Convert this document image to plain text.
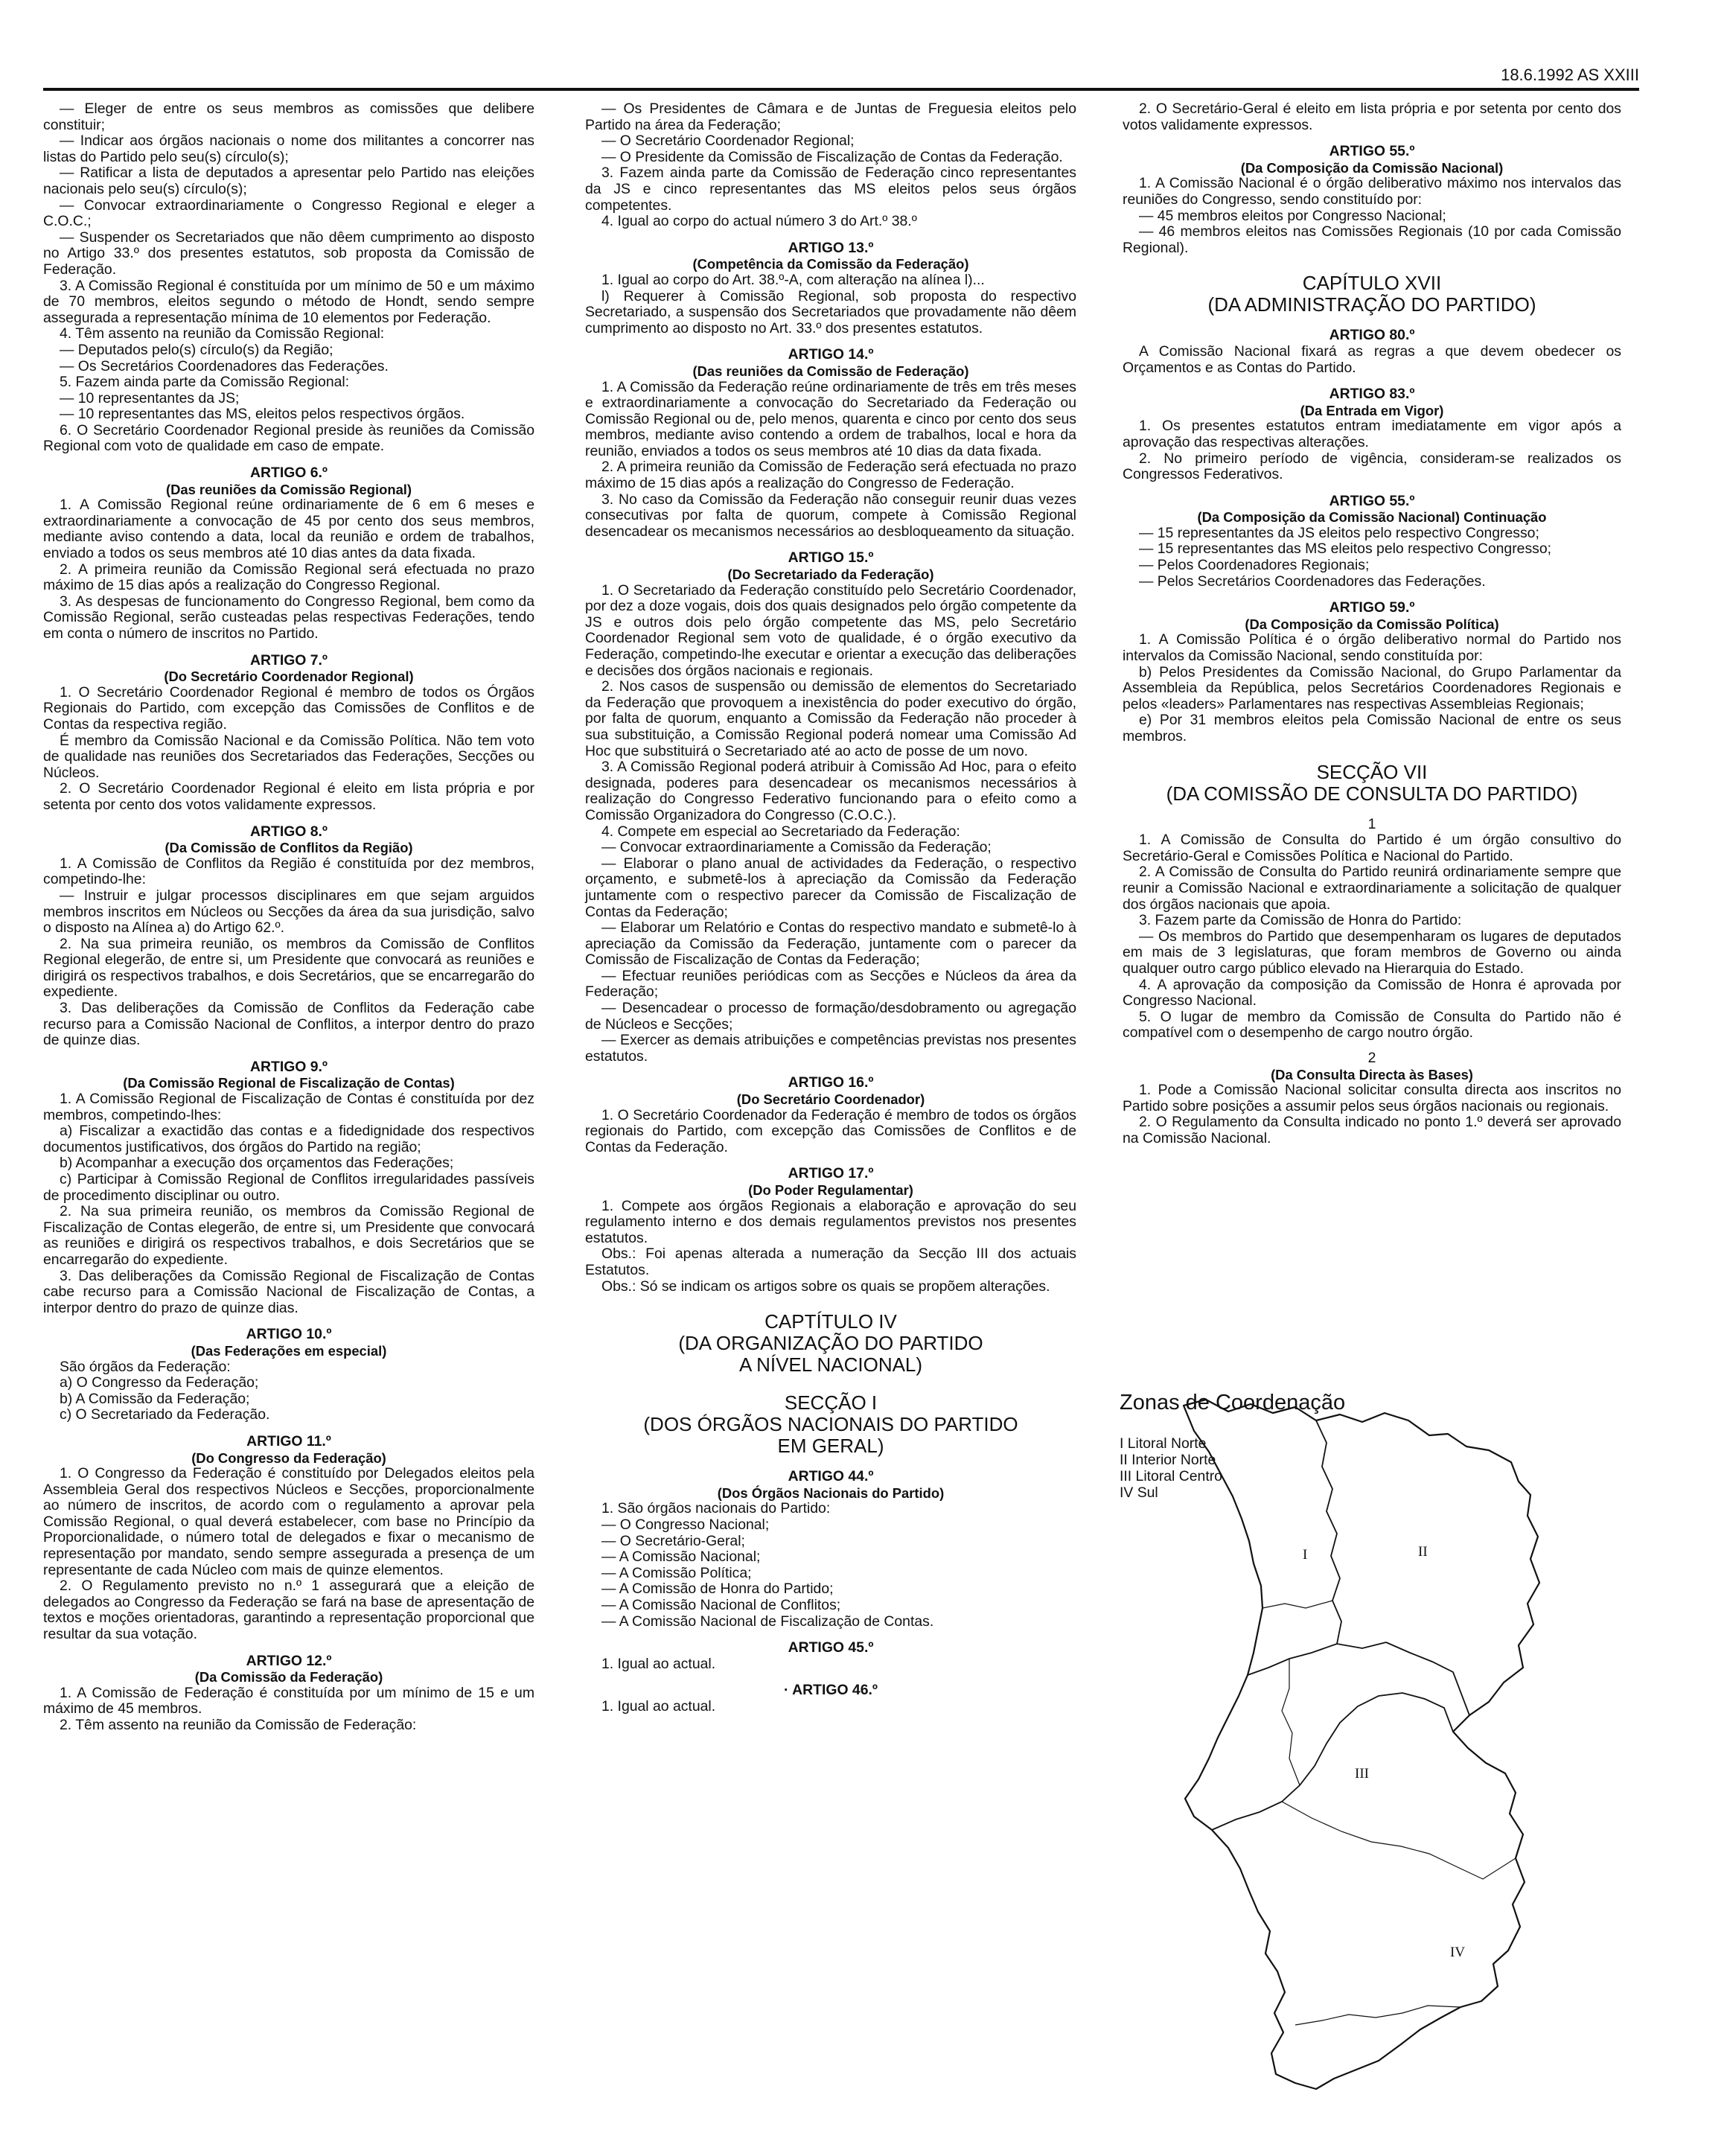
18.6.1992 AS XXIII

— Eleger de entre os seus membros as comissões que delibere constituir;

— Indicar aos órgãos nacionais o nome dos militantes a concorrer nas listas do Partido pelo seu(s) círculo(s);

— Ratificar a lista de deputados a apresentar pelo Partido nas eleições nacionais pelo seu(s) círculo(s);

— Convocar extraordinariamente o Congresso Regional e eleger a C.O.C.;

— Suspender os Secretariados que não dêem cumprimento ao disposto no Artigo 33.º dos presentes estatutos, sob proposta da Comissão de Federação.

3. A Comissão Regional é constituída por um mínimo de 50 e um máximo de 70 membros, eleitos segundo o método de Hondt, sendo sempre assegurada a representação mínima de 10 elementos por Federação.

4. Têm assento na reunião da Comissão Regional:

— Deputados pelo(s) círculo(s) da Região;

— Os Secretários Coordenadores das Federações.

5. Fazem ainda parte da Comissão Regional:

— 10 representantes da JS;

— 10 representantes das MS, eleitos pelos respectivos órgãos.

6. O Secretário Coordenador Regional preside às reuniões da Comissão Regional com voto de qualidade em caso de empate.

ARTIGO 6.º
(Das reuniões da Comissão Regional)

1. A Comissão Regional reúne ordinariamente de 6 em 6 meses e extraordinariamente a convocação de 45 por cento dos seus membros, mediante aviso contendo a data, local da reunião e ordem de trabalhos, enviado a todos os seus membros até 10 dias antes da data fixada.

2. A primeira reunião da Comissão Regional será efectuada no prazo máximo de 15 dias após a realização do Congresso Regional.

3. As despesas de funcionamento do Congresso Regional, bem como da Comissão Regional, serão custeadas pelas respectivas Federações, tendo em conta o número de inscritos no Partido.

ARTIGO 7.º
(Do Secretário Coordenador Regional)

1. O Secretário Coordenador Regional é membro de todos os Órgãos Regionais do Partido, com excepção das Comissões de Conflitos e de Contas da respectiva região.

É membro da Comissão Nacional e da Comissão Política. Não tem voto de qualidade nas reuniões dos Secretariados das Federações, Secções ou Núcleos.

2. O Secretário Coordenador Regional é eleito em lista própria e por setenta por cento dos votos validamente expressos.

ARTIGO 8.º
(Da Comissão de Conflitos da Região)

1. A Comissão de Conflitos da Região é constituída por dez membros, competindo-lhe:

— Instruir e julgar processos disciplinares em que sejam arguidos membros inscritos em Núcleos ou Secções da área da sua jurisdição, salvo o disposto na Alínea a) do Artigo 62.º.

2. Na sua primeira reunião, os membros da Comissão de Conflitos Regional elegerão, de entre si, um Presidente que convocará as reuniões e dirigirá os respectivos trabalhos, e dois Secretários, que se encarregarão do expediente.

3. Das deliberações da Comissão de Conflitos da Federação cabe recurso para a Comissão Nacional de Conflitos, a interpor dentro do prazo de quinze dias.

ARTIGO 9.º
(Da Comissão Regional de Fiscalização de Contas)

1. A Comissão Regional de Fiscalização de Contas é constituída por dez membros, competindo-lhes:

a) Fiscalizar a exactidão das contas e a fidedignidade dos respectivos documentos justificativos, dos órgãos do Partido na região;

b) Acompanhar a execução dos orçamentos das Federações;

c) Participar à Comissão Regional de Conflitos irregularidades passíveis de procedimento disciplinar ou outro.

2. Na sua primeira reunião, os membros da Comissão Regional de Fiscalização de Contas elegerão, de entre si, um Presidente que convocará as reuniões e dirigirá os respectivos trabalhos, e dois Secretários que se encarregarão do expediente.

3. Das deliberações da Comissão Regional de Fiscalização de Contas cabe recurso para a Comissão Nacional de Fiscalização de Contas, a interpor dentro do prazo de quinze dias.

ARTIGO 10.º
(Das Federações em especial)

São órgãos da Federação:

a) O Congresso da Federação;

b) A Comissão da Federação;

c) O Secretariado da Federação.

ARTIGO 11.º
(Do Congresso da Federação)

1. O Congresso da Federação é constituído por Delegados eleitos pela Assembleia Geral dos respectivos Núcleos e Secções, proporcionalmente ao número de inscritos, de acordo com o regulamento a aprovar pela Comissão Regional, o qual deverá estabelecer, com base no Princípio da Proporcionalidade, o número total de delegados e fixar o mecanismo de representação por mandato, sendo sempre assegurada a presença de um representante de cada Núcleo com mais de quinze elementos.

2. O Regulamento previsto no n.º 1 assegurará que a eleição de delegados ao Congresso da Federação se fará na base de apresentação de textos e moções orientadoras, garantindo a representação proporcional que resultar da sua votação.

ARTIGO 12.º
(Da Comissão da Federação)

1. A Comissão de Federação é constituída por um mínimo de 15 e um máximo de 45 membros.

2. Têm assento na reunião da Comissão de Federação:

— Os Presidentes de Câmara e de Juntas de Freguesia eleitos pelo Partido na área da Federação;

— O Secretário Coordenador Regional;

— O Presidente da Comissão de Fiscalização de Contas da Federação.

3. Fazem ainda parte da Comissão de Federação cinco representantes da JS e cinco representantes das MS eleitos pelos seus órgãos competentes.

4. Igual ao corpo do actual número 3 do Art.º 38.º

ARTIGO 13.º
(Competência da Comissão da Federação)

1. Igual ao corpo do Art. 38.º-A, com alteração na alínea l)...

l) Requerer à Comissão Regional, sob proposta do respectivo Secretariado, a suspensão dos Secretariados que provadamente não dêem cumprimento ao disposto no Art. 33.º dos presentes estatutos.

ARTIGO 14.º
(Das reuniões da Comissão de Federação)

1. A Comissão da Federação reúne ordinariamente de três em três meses e extraordinariamente a convocação do Secretariado da Federação ou Comissão Regional ou de, pelo menos, quarenta e cinco por cento dos seus membros, mediante aviso contendo a ordem de trabalhos, local e hora da reunião, enviados a todos os seus membros até 10 dias da data fixada.

2. A primeira reunião da Comissão de Federação será efectuada no prazo máximo de 15 dias após a realização do Congresso de Federação.

3. No caso da Comissão da Federação não conseguir reunir duas vezes consecutivas por falta de quorum, compete à Comissão Regional desencadear os mecanismos necessários ao desbloqueamento da situação.

ARTIGO 15.º
(Do Secretariado da Federação)

1. O Secretariado da Federação constituído pelo Secretário Coordenador, por dez a doze vogais, dois dos quais designados pelo órgão competente da JS e outros dois pelo órgão competente das MS, pelo Secretário Coordenador Regional sem voto de qualidade, é o órgão executivo da Federação, competindo-lhe executar e orientar a execução das deliberações e decisões dos órgãos nacionais e regionais.

2. Nos casos de suspensão ou demissão de elementos do Secretariado da Federação que provoquem a inexistência do poder executivo do órgão, por falta de quorum, enquanto a Comissão da Federação não proceder à sua substituição, a Comissão Regional poderá nomear uma Comissão Ad Hoc que substituirá o Secretariado até ao acto de posse de um novo.

3. A Comissão Regional poderá atribuir à Comissão Ad Hoc, para o efeito designada, poderes para desencadear os mecanismos necessários à realização do Congresso Federativo funcionando para o efeito como a Comissão Organizadora do Congresso (C.O.C.).

4. Compete em especial ao Secretariado da Federação:

— Convocar extraordinariamente a Comissão da Federação;

— Elaborar o plano anual de actividades da Federação, o respectivo orçamento, e submetê-los à apreciação da Comissão da Federação juntamente com o respectivo parecer da Comissão de Fiscalização de Contas da Federação;

— Elaborar um Relatório e Contas do respectivo mandato e submetê-lo à apreciação da Comissão da Federação, juntamente com o parecer da Comissão de Fiscalização de Contas da Federação;

— Efectuar reuniões periódicas com as Secções e Núcleos da área da Federação;

— Desencadear o processo de formação/desdobramento ou agregação de Núcleos e Secções;

— Exercer as demais atribuições e competências previstas nos presentes estatutos.

ARTIGO 16.º
(Do Secretário Coordenador)

1. O Secretário Coordenador da Federação é membro de todos os órgãos regionais do Partido, com excepção das Comissões de Conflitos e de Contas da Federação.

ARTIGO 17.º
(Do Poder Regulamentar)

1. Compete aos órgãos Regionais a elaboração e aprovação do seu regulamento interno e dos demais regulamentos previstos nos presentes estatutos.

Obs.: Foi apenas alterada a numeração da Secção III dos actuais Estatutos.

Obs.: Só se indicam os artigos sobre os quais se propõem alterações.

CAPTÍTULO IV
(DA ORGANIZAÇÃO DO PARTIDO
A NÍVEL NACIONAL)
SECÇÃO I
(DOS ÓRGÃOS NACIONAIS DO PARTIDO
EM GERAL)
ARTIGO 44.º
(Dos Órgãos Nacionais do Partido)

1. São órgãos nacionais do Partido:

— O Congresso Nacional;

— O Secretário-Geral;

— A Comissão Nacional;

— A Comissão Política;

— A Comissão de Honra do Partido;

— A Comissão Nacional de Conflitos;

— A Comissão Nacional de Fiscalização de Contas.

ARTIGO 45.º

1. Igual ao actual.

· ARTIGO 46.º

1. Igual ao actual.

2. O Secretário-Geral é eleito em lista própria e por setenta por cento dos votos validamente expressos.

ARTIGO 55.º
(Da Composição da Comissão Nacional)

1. A Comissão Nacional é o órgão deliberativo máximo nos intervalos das reuniões do Congresso, sendo constituído por:

— 45 membros eleitos por Congresso Nacional;

— 46 membros eleitos nas Comissões Regionais (10 por cada Comissão Regional).

CAPÍTULO XVII
(DA ADMINISTRAÇÃO DO PARTIDO)
ARTIGO 80.º

A Comissão Nacional fixará as regras a que devem obedecer os Orçamentos e as Contas do Partido.

ARTIGO 83.º
(Da Entrada em Vigor)

1. Os presentes estatutos entram imediatamente em vigor após a aprovação das respectivas alterações.

2. No primeiro período de vigência, consideram-se realizados os Congressos Federativos.

ARTIGO 55.º
(Da Composição da Comissão Nacional) Continuação

— 15 representantes da JS eleitos pelo respectivo Congresso;

— 15 representantes das MS eleitos pelo respectivo Congresso;

— Pelos Coordenadores Regionais;

— Pelos Secretários Coordenadores das Federações.

ARTIGO 59.º
(Da Composição da Comissão Política)

1. A Comissão Política é o órgão deliberativo normal do Partido nos intervalos da Comissão Nacional, sendo constituída por:

b) Pelos Presidentes da Comissão Nacional, do Grupo Parlamentar da Assembleia da República, pelos Secretários Coordenadores Regionais e pelos «leaders» Parlamentares nas respectivas Assembleias Regionais;

e) Por 31 membros eleitos pela Comissão Nacional de entre os seus membros.

SECÇÃO VII
(DA COMISSÃO DE CONSULTA DO PARTIDO)
1

1. A Comissão de Consulta do Partido é um órgão consultivo do Secretário-Geral e Comissões Política e Nacional do Partido.

2. A Comissão de Consulta do Partido reunirá ordinariamente sempre que reunir a Comissão Nacional e extraordinariamente a solicitação de qualquer dos órgãos nacionais que apoia.

3. Fazem parte da Comissão de Honra do Partido:

— Os membros do Partido que desempenharam os lugares de deputados em mais de 3 legislaturas, que foram membros de Governo ou ainda qualquer outro cargo público elevado na Hierarquia do Estado.

4. A aprovação da composição da Comissão de Honra é aprovada por Congresso Nacional.

5. O lugar de membro da Comissão de Consulta do Partido não é compatível com o desempenho de cargo noutro órgão.

2
(Da Consulta Directa às Bases)

1. Pode a Comissão Nacional solicitar consulta directa aos inscritos no Partido sobre posições a assumir pelos seus órgãos nacionais ou regionais.

2. O Regulamento da Consulta indicado no ponto 1.º deverá ser aprovado na Comissão Nacional.

I	II
III
IV
Zonas de Coordenação
I Litoral Norte
II Interior Norte
III Litoral Centro
IV Sul
